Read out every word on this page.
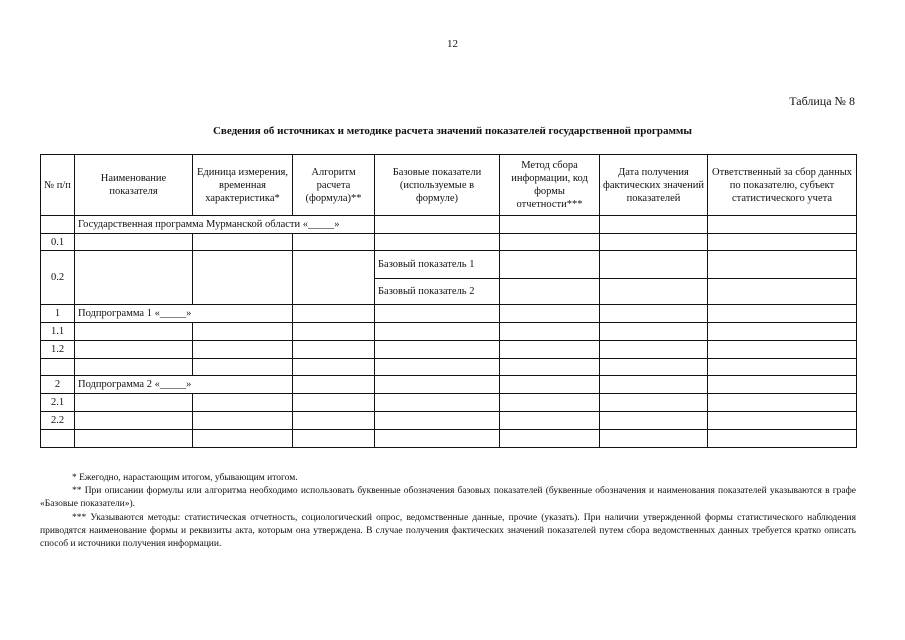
12
Таблица № 8
Сведения об источниках и методике расчета значений показателей государственной программы
№ п/п	Наименование показателя	Единица измерения, временная характеристика*	Алгоритм расчета (формула)**	Базовые показатели (используемые в формуле)	Метод сбора информации, код формы отчетности***	Дата получения фактических значений показателей	Ответственный за сбор данных по показателю, субъект статистического учета
	Государственная программа Мурманской области «_____»						
0.1							
0.2				Базовый показатель 1			
				Базовый показатель 2			
1	Подпрограмма 1 «_____»						
1.1							
1.2							

2	Подпрограмма 2 «_____»						
2.1							
2.2							

* Ежегодно, нарастающим итогом, убывающим итогом.

** При описании формулы или алгоритма необходимо использовать буквенные обозначения базовых показателей (буквенные обозначения и наименования показателей указываются в графе «Базовые показатели»).

*** Указываются методы: статистическая отчетность, социологический опрос, ведомственные данные, прочие (указать). При наличии утвержденной формы статистического наблюдения приводятся наименование формы и реквизиты акта, которым она утверждена. В случае получения фактических значений показателей путем сбора ведомственных данных требуется кратко описать способ и источники получения информации.
